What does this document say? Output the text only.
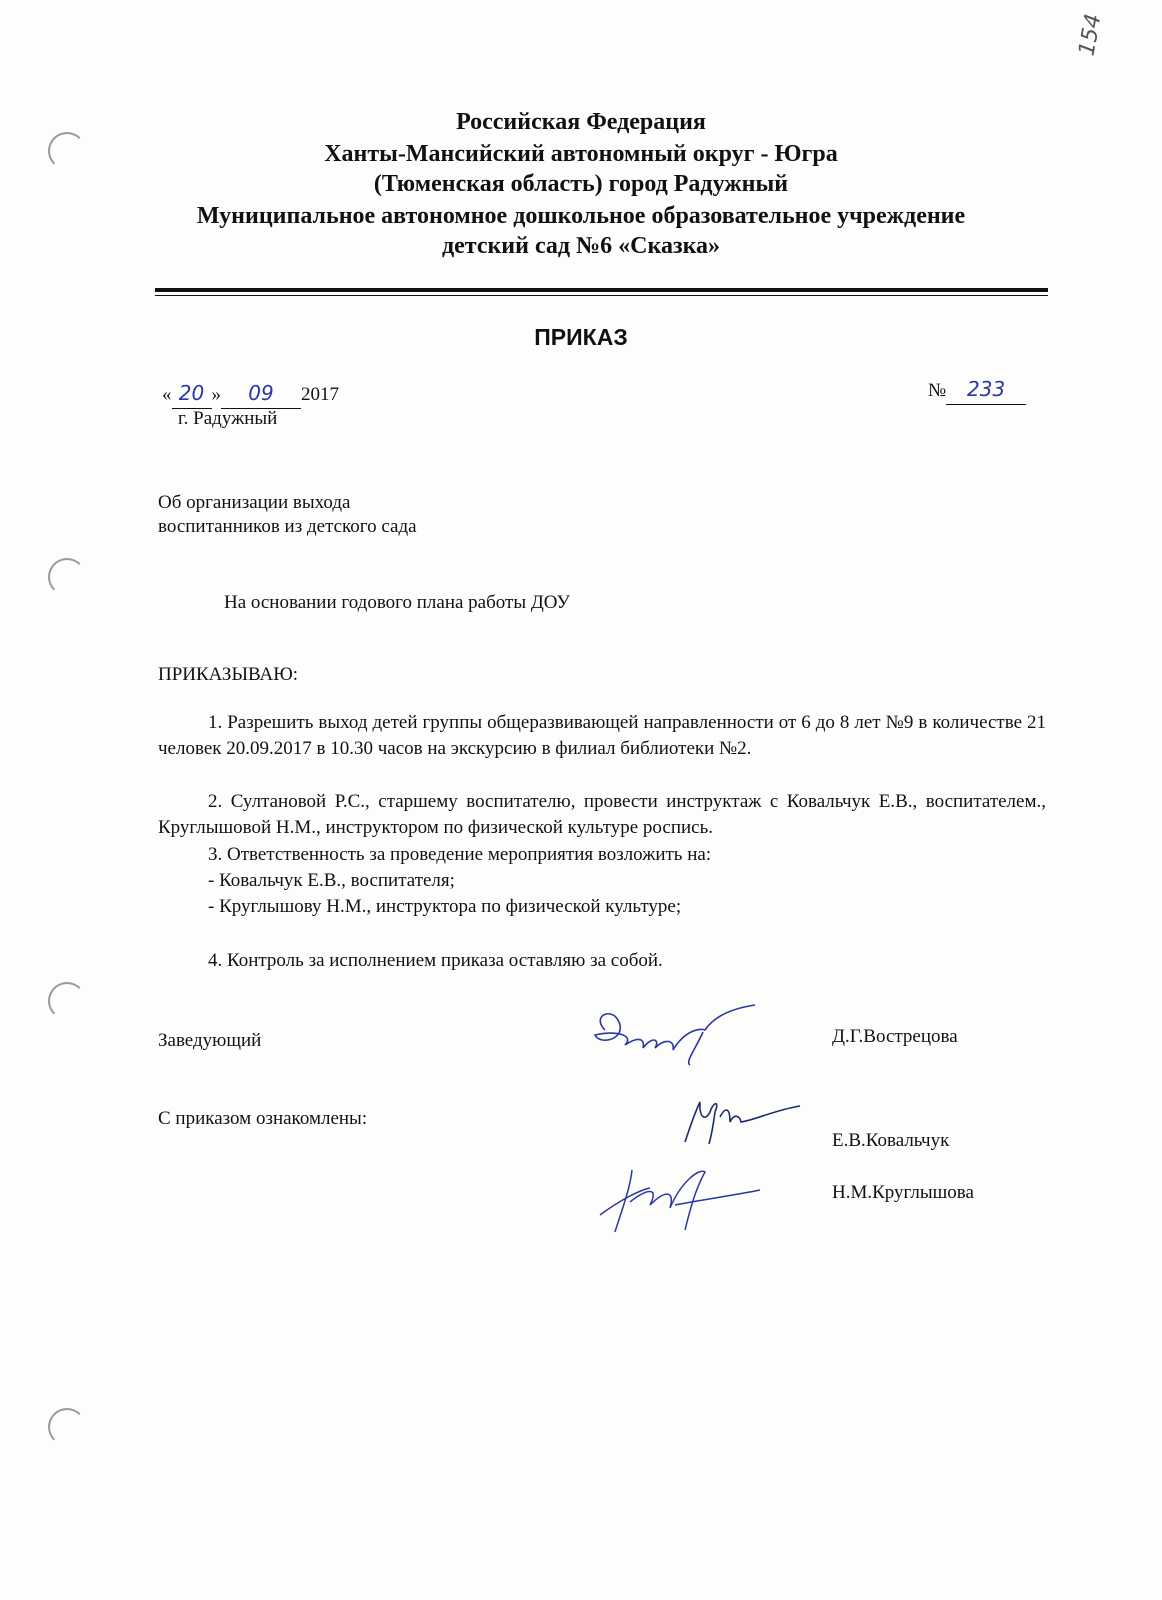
154
Российская Федерация
Ханты-Мансийский автономный округ - Югра
(Тюменская область) город Радужный
Муниципальное автономное дошкольное образовательное учреждение
детский сад №6 «Сказка»
ПРИКАЗ
« 20 » 09 2017
г. Радужный
№ 233
Об организации выхода
воспитанников из детского сада
На основании годового плана работы ДОУ
ПРИКАЗЫВАЮ:
1. Разрешить выход детей группы общеразвивающей направленности от 6 до 8 лет №9 в количестве 21 человек 20.09.2017 в 10.30 часов на экскурсию в филиал библиотеки №2.
2. Султановой Р.С., старшему воспитателю, провести инструктаж с Ковальчук Е.В., воспитателем., Круглышовой Н.М., инструктором по физической культуре роспись.
3. Ответственность за проведение мероприятия возложить на:
- Ковальчук Е.В., воспитателя;
- Круглышову Н.М., инструктора по физической культуре;
4. Контроль за исполнением приказа оставляю за собой.
Заведующий	Д.Г.Вострецова
С приказом ознакомлены:
Е.В.Ковальчук
Н.М.Круглышова
